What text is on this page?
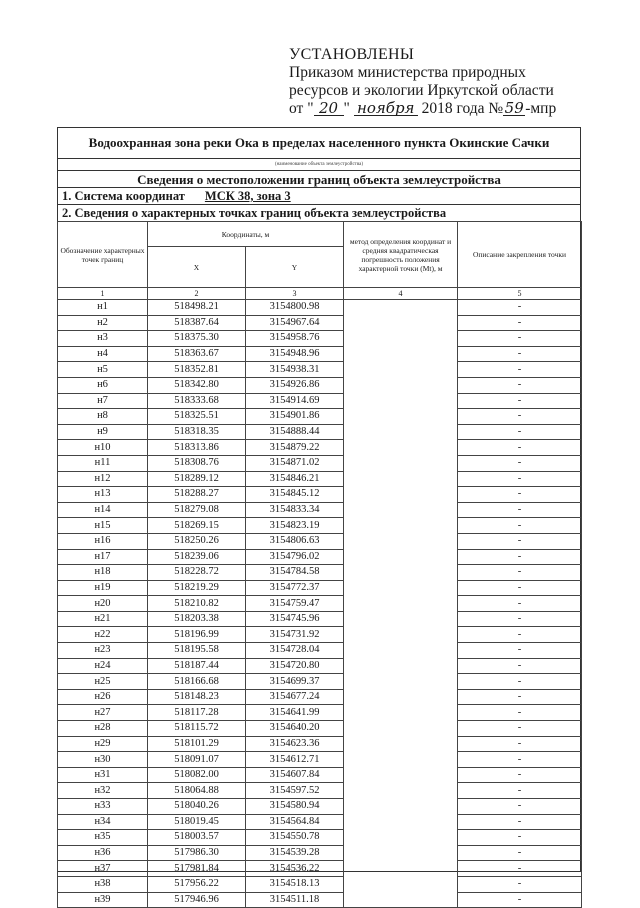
УСТАНОВЛЕНЫ
Приказом министерства природных
ресурсов и экологии Иркутской области
от " 20 " ноября 2018 года №59-мпр
Водоохранная зона реки Ока в пределах населенного пункта Окинские Сачки
(наименование объекта землеустройства)
Сведения о местоположении границ объекта землеустройства
1. Система координат МСК 38, зона 3
2. Сведения о характерных точках границ объекта землеустройства
Обозначение характерных точек границ	Координаты, м		метод определения координат и средняя квадратическая погрешность положения характерной точки (Mt), м	Описание закрепления точки
	X	Y		
1	2	3	4	5
н1	518498.21	3154800.98		-
н2	518387.64	3154967.64		-
н3	518375.30	3154958.76		-
н4	518363.67	3154948.96		-
н5	518352.81	3154938.31		-
н6	518342.80	3154926.86		-
н7	518333.68	3154914.69		-
н8	518325.51	3154901.86		-
н9	518318.35	3154888.44		-
н10	518313.86	3154879.22		-
н11	518308.76	3154871.02		-
н12	518289.12	3154846.21		-
н13	518288.27	3154845.12		-
н14	518279.08	3154833.34		-
н15	518269.15	3154823.19		-
н16	518250.26	3154806.63		-
н17	518239.06	3154796.02		-
н18	518228.72	3154784.58		-
н19	518219.29	3154772.37		-
н20	518210.82	3154759.47		-
н21	518203.38	3154745.96		-
н22	518196.99	3154731.92		-
н23	518195.58	3154728.04		-
н24	518187.44	3154720.80		-
н25	518166.68	3154699.37		-
н26	518148.23	3154677.24		-
н27	518117.28	3154641.99		-
н28	518115.72	3154640.20		-
н29	518101.29	3154623.36		-
н30	518091.07	3154612.71		-
н31	518082.00	3154607.84		-
н32	518064.88	3154597.52		-
н33	518040.26	3154580.94		-
н34	518019.45	3154564.84		-
н35	518003.57	3154550.78		-
н36	517986.30	3154539.28		-
н37	517981.84	3154536.22		-
н38	517956.22	3154518.13		-
н39	517946.96	3154511.18		-
